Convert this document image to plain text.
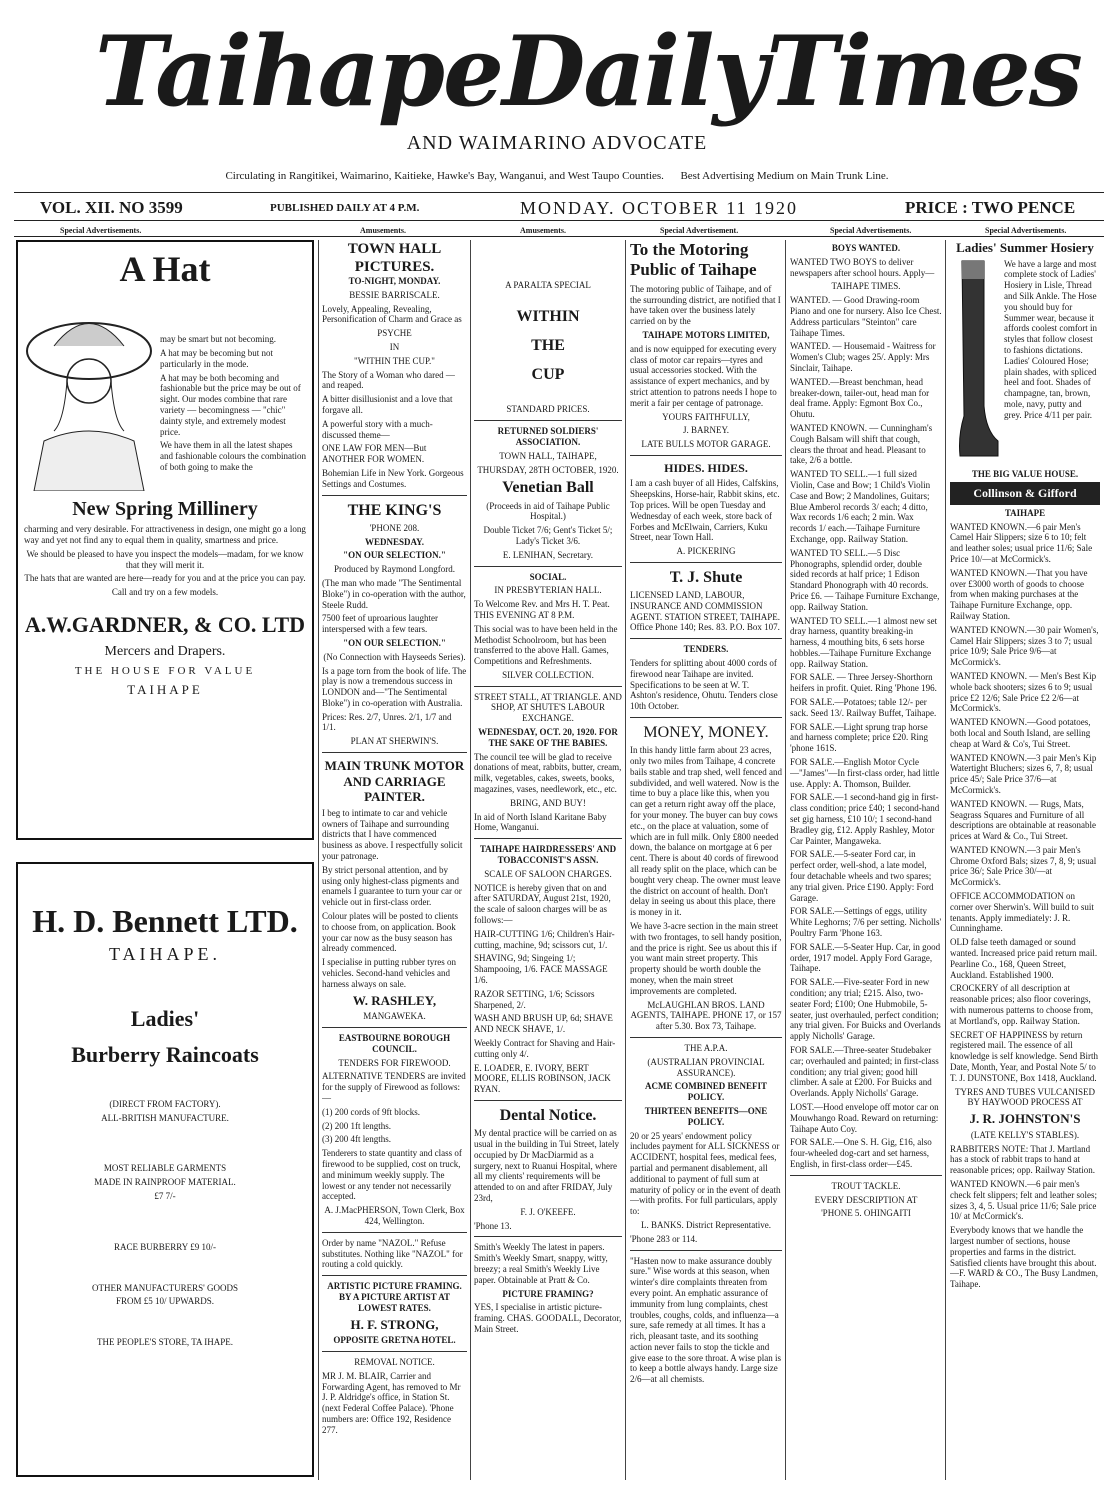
Taihape Daily Times
AND WAIMARINO ADVOCATE
Circulating in Rangitikei, Waimarino, Kaitieke, Hawke's Bay, Wanganui, and West Taupo Counties. Best Advertising Medium on Main Trunk Line.
VOL. XII. NO 3599	PUBLISHED DAILY AT 4 P.M.	MONDAY. OCTOBER 11 1920	PRICE : TWO PENCE
Special Advertisements.	Amusements.	Amusements.	Special Advertisement.	Special Advertisements.	Special Advertisements.
A Hat

may be smart but not becoming.

A hat may be becoming but not particularly in the mode.

A hat may be both becoming and fashionable but the price may be out of sight. Our modes combine that rare variety — becomingness — "chic" dainty style, and extremely modest price.

We have them in all the latest shapes and fashionable colours the combination of both going to make the

New Spring Millinery

charming and very desirable. For attractiveness in design, one might go a long way and yet not find any to equal them in quality, smartness and price.

We should be pleased to have you inspect the models—madam, for we know that they will merit it.

The hats that are wanted are here—ready for you and at the price you can pay.

Call and try on a few models.

A.W.GARDNER, & CO. LTD
Mercers and Drapers.
THE HOUSE FOR VALUE
TAIHAPE
H. D. Bennett LTD.
TAIHAPE.
Ladies'
Burberry Raincoats

(DIRECT FROM FACTORY).

ALL-BRITISH MANUFACTURE.

MOST RELIABLE GARMENTS

MADE IN RAINPROOF MATERIAL.

£7 7/-

RACE BURBERRY £9 10/-

OTHER MANUFACTURERS' GOODS

FROM £5 10/ UPWARDS.

THE PEOPLE'S STORE, TA IHAPE.

TOWN HALL PICTURES.
TO-NIGHT, MONDAY.

BESSIE BARRISCALE.

Lovely, Appealing, Revealing, Personification of Charm and Grace as

PSYCHE

IN

"WITHIN THE CUP."

The Story of a Woman who dared —and reaped.

A bitter disillusionist and a love that forgave all.

A powerful story with a much-discussed theme—

ONE LAW FOR MEN—But ANOTHER FOR WOMEN.

Bohemian Life in New York. Gorgeous Settings and Costumes.

THE KING'S

'PHONE 208.

WEDNESDAY.

"ON OUR SELECTION."

Produced by Raymond Longford.

(The man who made "The Sentimental Bloke") in co-operation with the author, Steele Rudd.

7500 feet of uproarious laughter interspersed with a few tears.

"ON OUR SELECTION."

(No Connection with Hayseeds Series).

Is a page torn from the book of life. The play is now a tremendous success in LONDON and—"The Sentimental Bloke") in co-operation with Australia.

Prices: Res. 2/7, Unres. 2/1, 1/7 and 1/1.

PLAN AT SHERWIN'S.

MAIN TRUNK MOTOR AND CARRIAGE PAINTER.

I beg to intimate to car and vehicle owners of Taihape and surrounding districts that I have commenced business as above. I respectfully solicit your patronage.

By strict personal attention, and by using only highest-class pigments and enamels I guarantee to turn your car or vehicle out in first-class order.

Colour plates will be posted to clients to choose from, on application. Book your car now as the busy season has already commenced.

I specialise in putting rubber tyres on vehicles. Second-hand vehicles and harness always on sale.

W. RASHLEY,

MANGAWEKA.

EASTBOURNE BOROUGH COUNCIL.

TENDERS FOR FIREWOOD.

ALTERNATIVE TENDERS are invited for the supply of Firewood as follows:—

(1) 200 cords of 9ft blocks.

(2) 200 1ft lengths.

(3) 200 4ft lengths.

Tenderers to state quantity and class of firewood to be supplied, cost on truck, and minimum weekly supply. The lowest or any tender not necessarily accepted.

A. J.MacPHERSON, Town Clerk, Box 424, Wellington.

Order by name "NAZOL." Refuse substitutes. Nothing like "NAZOL" for routing a cold quickly.

ARTISTIC PICTURE FRAMING. BY A PICTURE ARTIST AT LOWEST RATES.

H. F. STRONG,

OPPOSITE GRETNA HOTEL.

REMOVAL NOTICE.

MR J. M. BLAIR, Carrier and Forwarding Agent, has removed to Mr J. P. Aldridge's office, in Station St. (next Federal Coffee Palace). 'Phone numbers are: Office 192, Residence 277.

A PARALTA SPECIAL

WITHIN
THE
CUP

STANDARD PRICES.

RETURNED SOLDIERS' ASSOCIATION.

TOWN HALL, TAIHAPE,

THURSDAY, 28TH OCTOBER, 1920.

Venetian Ball

(Proceeds in aid of Taihape Public Hospital.)

Double Ticket 7/6; Gent's Ticket 5/; Lady's Ticket 3/6.

E. LENIHAN, Secretary.

SOCIAL.

IN PRESBYTERIAN HALL.

To Welcome Rev. and Mrs H. T. Peat. THIS EVENING AT 8 P.M.

This social was to have been held in the Methodist Schoolroom, but has been transferred to the above Hall. Games, Competitions and Refreshments.

SILVER COLLECTION.

STREET STALL, AT TRIANGLE. AND SHOP, AT SHUTE'S LABOUR EXCHANGE.

WEDNESDAY, OCT. 20, 1920. FOR THE SAKE OF THE BABIES.

The council tee will be glad to receive donations of meat, rabbits, butter, cream, milk, vegetables, cakes, sweets, books, magazines, vases, needlework, etc., etc.

BRING, AND BUY!

In aid of North Island Karitane Baby Home, Wanganui.

TAIHAPE HAIRDRESSERS' AND TOBACCONIST'S ASSN.

SCALE OF SALOON CHARGES.

NOTICE is hereby given that on and after SATURDAY, August 21st, 1920, the scale of saloon charges will be as follows:—

HAIR-CUTTING 1/6; Children's Hair-cutting, machine, 9d; scissors cut, 1/.

SHAVING, 9d; Singeing 1/; Shampooing, 1/6. FACE MASSAGE 1/6.

RAZOR SETTING, 1/6; Scissors Sharpened, 2/.

WASH AND BRUSH UP, 6d; SHAVE AND NECK SHAVE, 1/.

Weekly Contract for Shaving and Hair-cutting only 4/.

E. LOADER, E. IVORY, BERT MOORE, ELLIS ROBINSON, JACK RYAN.

Dental Notice.

My dental practice will be carried on as usual in the building in Tui Street, lately occupied by Dr MacDiarmid as a surgery, next to Ruanui Hospital, where all my clients' requirements will be attended to on and after FRIDAY, July 23rd,

F. J. O'KEEFE.

'Phone 13.

Smith's Weekly The latest in papers. Smith's Weekly Smart, snappy, witty, breezy; a real Smith's Weekly Live paper. Obtainable at Pratt & Co.

PICTURE FRAMING?

YES, I specialise in artistic picture-framing. CHAS. GOODALL, Decorator, Main Street.

To the Motoring Public of Taihape

The motoring public of Taihape, and of the surrounding district, are notified that I have taken over the business lately carried on by the

TAIHAPE MOTORS LIMITED,

and is now equipped for executing every class of motor car repairs—tyres and usual accessories stocked. With the assistance of expert mechanics, and by strict attention to patrons needs I hope to merit a fair per centage of patronage.

YOURS FAITHFULLY,

J. BARNEY.

LATE BULLS MOTOR GARAGE.

HIDES. HIDES.

I am a cash buyer of all Hides, Calfskins, Sheepskins, Horse-hair, Rabbit skins, etc. Top prices. Will be open Tuesday and Wednesday of each week, store back of Forbes and McElwain, Carriers, Kuku Street, near Town Hall.

A. PICKERING

T. J. Shute

LICENSED LAND, LABOUR, INSURANCE AND COMMISSION AGENT. STATION STREET, TAIHAPE. Office Phone 140; Res. 83. P.O. Box 107.

TENDERS.

Tenders for splitting about 4000 cords of firewood near Taihape are invited. Specifications to be seen at W. T. Ashton's residence, Ohutu. Tenders close 10th October.

MONEY, MONEY.

In this handy little farm about 23 acres, only two miles from Taihape, 4 concrete bails stable and trap shed, well fenced and subdivided, and well watered. Now is the time to buy a place like this, when you can get a return right away off the place, for your money. The buyer can buy cows etc., on the place at valuation, some of which are in full milk. Only £800 needed down, the balance on mortgage at 6 per cent. There is about 40 cords of firewood all ready split on the place, which can be bought very cheap. The owner must leave the district on account of health. Don't delay in seeing us about this place, there is money in it.

We have 3-acre section in the main street with two frontages, to sell handy position, and the price is right. See us about this if you want main street property. This property should be worth double the money, when the main street improvements are completed.

McLAUGHLAN BROS. LAND AGENTS, TAIHAPE. PHONE 17, or 157 after 5.30. Box 73, Taihape.

THE A.P.A.

(AUSTRALIAN PROVINCIAL ASSURANCE).

ACME COMBINED BENEFIT POLICY.

THIRTEEN BENEFITS—ONE POLICY.

20 or 25 years' endowment policy includes payment for ALL SICKNESS or ACCIDENT, hospital fees, medical fees, partial and permanent disablement, all additional to payment of full sum at maturity of policy or in the event of death—with profits. For full particulars, apply to:

L. BANKS. District Representative.

'Phone 283 or 114.

"Hasten now to make assurance doubly sure." Wise words at this season, when winter's dire complaints threaten from every point. An emphatic assurance of immunity from lung complaints, chest troubles, coughs, colds, and influenza—a sure, safe remedy at all times. It has a rich, pleasant taste, and its soothing action never fails to stop the tickle and give ease to the sore throat. A wise plan is to keep a bottle always handy. Large size 2/6—at all chemists.

BOYS WANTED.

WANTED TWO BOYS to deliver newspapers after school hours. Apply—

TAIHAPE TIMES.

WANTED. — Good Drawing-room Piano and one for nursery. Also Ice Chest. Address particulars "Steinton" care Taihape Times.

WANTED. — Housemaid - Waitress for Women's Club; wages 25/. Apply: Mrs Sinclair, Taihape.

WANTED.—Breast benchman, head breaker-down, tailer-out, head man for deal frame. Apply: Egmont Box Co., Ohutu.

WANTED KNOWN. — Cunningham's Cough Balsam will shift that cough, clears the throat and head. Pleasant to take, 2/6 a bottle.

WANTED TO SELL.—1 full sized Violin, Case and Bow; 1 Child's Violin Case and Bow; 2 Mandolines, Guitars; Blue Amberol records 3/ each; 4 ditto, Wax records 1/6 each; 2 min. Wax records 1/ each.—Taihape Furniture Exchange, opp. Railway Station.

WANTED TO SELL.—5 Disc Phonographs, splendid order, double sided records at half price; 1 Edison Standard Phonograph with 40 records. Price £6. — Taihape Furniture Exchange, opp. Railway Station.

WANTED TO SELL.—1 almost new set dray harness, quantity breaking-in harness, 4 mouthing bits, 6 sets horse hobbles.—Taihape Furniture Exchange opp. Railway Station.

FOR SALE. — Three Jersey-Shorthorn heifers in profit. Quiet. Ring 'Phone 196.

FOR SALE.—Potatoes; table 12/- per sack. Seed 13/. Railway Buffet, Taihape.

FOR SALE.—Light sprung trap horse and harness complete; price £20. Ring 'phone 161S.

FOR SALE.—English Motor Cycle—"James"—In first-class order, had little use. Apply: A. Thomson, Builder.

FOR SALE.—1 second-hand gig in first-class condition; price £40; 1 second-hand set gig harness, £10 10/; 1 second-hand Bradley gig, £12. Apply Rashley, Motor Car Painter, Mangaweka.

FOR SALE.—5-seater Ford car, in perfect order, well-shod, a late model, four detachable wheels and two spares; any trial given. Price £190. Apply: Ford Garage.

FOR SALE.—Settings of eggs, utility White Leghorns; 7/6 per setting. Nicholls' Poultry Farm 'Phone 163.

FOR SALE.—5-Seater Hup. Car, in good order, 1917 model. Apply Ford Garage, Taihape.

FOR SALE.—Five-seater Ford in new condition; any trial; £215. Also, two-seater Ford; £100; One Hubmobile, 5-seater, just overhauled, perfect condition; any trial given. For Buicks and Overlands apply Nicholls' Garage.

FOR SALE.—Three-seater Studebaker car; overhauled and painted; in first-class condition; any trial given; good hill climber. A sale at £200. For Buicks and Overlands. Apply Nicholls' Garage.

LOST.—Hood envelope off motor car on Mouwhango Road. Reward on returning: Taihape Auto Coy.

FOR SALE.—One S. H. Gig, £16, also four-wheeled dog-cart and set harness, English, in first-class order—£45.

TROUT TACKLE.

EVERY DESCRIPTION AT

'PHONE 5. OHINGAITI

Ladies' Summer Hosiery

We have a large and most complete stock of Ladies' Hosiery in Lisle, Thread and Silk Ankle. The Hose you should buy for Summer wear, because it affords coolest comfort in styles that follow closest to fashions dictations. Ladies' Coloured Hose; plain shades, with spliced heel and foot. Shades of champagne, tan, brown, mole, navy, putty and grey. Price 4/11 per pair.

THE BIG VALUE HOUSE.

Collinson & Gifford

TAIHAPE

WANTED KNOWN.—6 pair Men's Camel Hair Slippers; size 6 to 10; felt and leather soles; usual price 11/6; Sale Price 10/—at McCormick's.

WANTED KNOWN.—That you have over £3000 worth of goods to choose from when making purchases at the Taihape Furniture Exchange, opp. Railway Station.

WANTED KNOWN.—30 pair Women's, Camel Hair Slippers; sizes 3 to 7; usual price 10/9; Sale Price 9/6—at McCormick's.

WANTED KNOWN. — Men's Best Kip whole back shooters; sizes 6 to 9; usual price £2 12/6; Sale Price £2 2/6—at McCormick's.

WANTED KNOWN.—Good potatoes, both local and South Island, are selling cheap at Ward & Co's, Tui Street.

WANTED KNOWN.—3 pair Men's Kip Watertight Bluchers; sizes 6, 7, 8; usual price 45/; Sale Price 37/6—at McCormick's.

WANTED KNOWN. — Rugs, Mats, Seagrass Squares and Furniture of all descriptions are obtainable at reasonable prices at Ward & Co., Tui Street.

WANTED KNOWN.—3 pair Men's Chrome Oxford Bals; sizes 7, 8, 9; usual price 36/; Sale Price 30/—at McCormick's.

OFFICE ACCOMMODATION on corner over Sherwin's. Will build to suit tenants. Apply immediately: J. R. Cunninghame.

OLD false teeth damaged or sound wanted. Increased price paid return mail. Pearline Co., 168, Queen Street, Auckland. Established 1900.

CROCKERY of all description at reasonable prices; also floor coverings, with numerous patterns to choose from, at Mortland's, opp. Railway Station.

SECRET OF HAPPINESS by return registered mail. The essence of all knowledge is self knowledge. Send Birth Date, Month, Year, and Postal Note 5/ to T. J. DUNSTONE, Box 1418, Auckland.

TYRES AND TUBES VULCANISED BY HAYWOOD PROCESS AT

J. R. JOHNSTON'S

(LATE KELLY'S STABLES).

RABBITERS NOTE: That J. Martland has a stock of rabbit traps to hand at reasonable prices; opp. Railway Station.

WANTED KNOWN.—6 pair men's check felt slippers; felt and leather soles; sizes 3, 4, 5. Usual price 11/6; Sale price 10/ at McCormick's.

Everybody knows that we handle the largest number of sections, house properties and farms in the district. Satisfied clients have brought this about.—F. WARD & CO., The Busy Landmen, Taihape.
